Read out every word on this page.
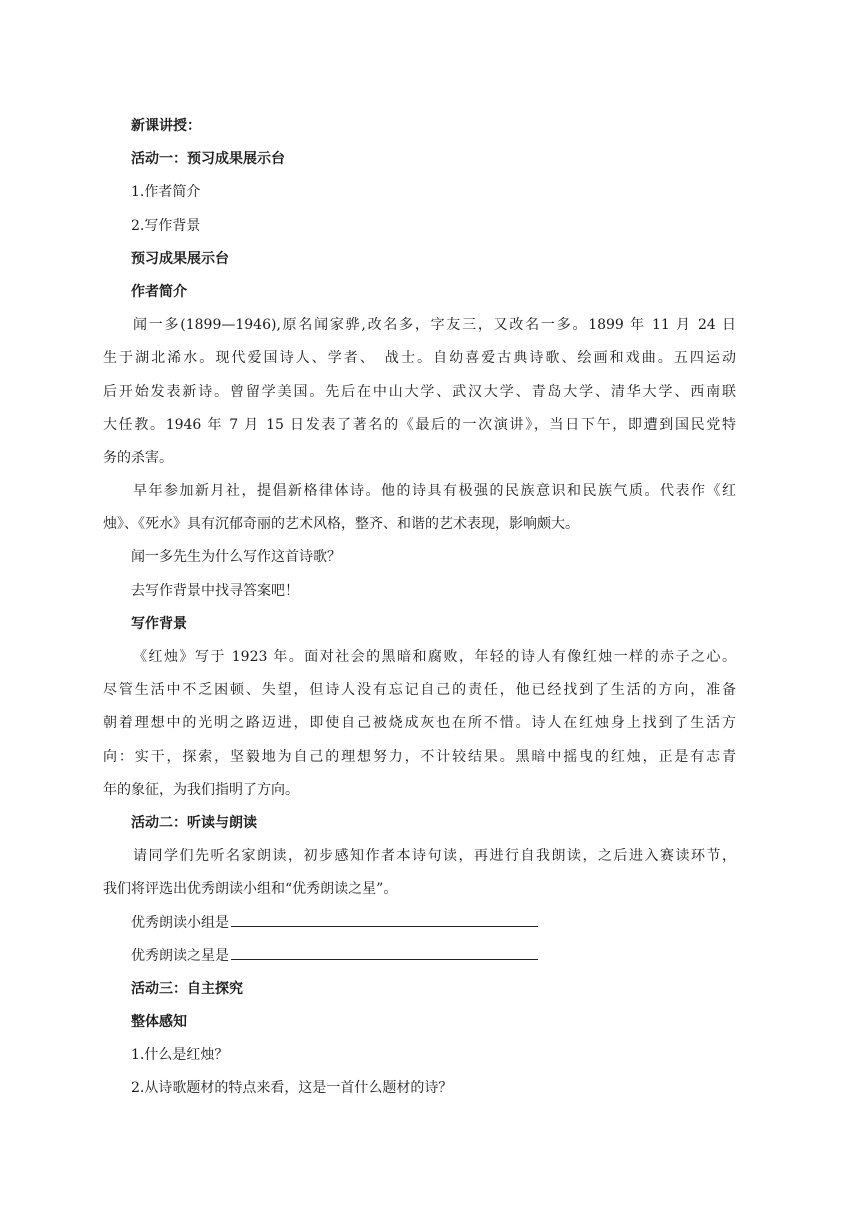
新课讲授：
活动一：预习成果展示台
1.作者简介
2.写作背景
预习成果展示台
作者简介

闻一多(1899—1946),原名闻家骅,改名多，字友三，又改名一多。1899 年 11 月 24 日

生于湖北浠水。现代爱国诗人、学者、　战士。自幼喜爱古典诗歌、绘画和戏曲。五四运动

后开始发表新诗。曾留学美国。先后在中山大学、武汉大学、青岛大学、清华大学、西南联

大任教。1946 年 7 月 15 日发表了著名的《最后的一次演讲》，当日下午，即遭到国民党特

务的杀害。

早年参加新月社，提倡新格律体诗。他的诗具有极强的民族意识和民族气质。代表作《红

烛》、《死水》具有沉郁奇丽的艺术风格，整齐、和谐的艺术表现，影响颇大。

闻一多先生为什么写作这首诗歌？
去写作背景中找寻答案吧！
写作背景

《红烛》写于 1923 年。面对社会的黑暗和腐败，年轻的诗人有像红烛一样的赤子之心。

尽管生活中不乏困顿、失望，但诗人没有忘记自己的责任，他已经找到了生活的方向，准备

朝着理想中的光明之路迈进，即使自己被烧成灰也在所不惜。诗人在红烛身上找到了生活方

向：实干，探索，坚毅地为自己的理想努力，不计较结果。黑暗中摇曳的红烛，正是有志青

年的象征，为我们指明了方向。

活动二：听读与朗读

请同学们先听名家朗读，初步感知作者本诗句读，再进行自我朗读，之后进入赛读环节，

我们将评选出优秀朗读小组和“优秀朗读之星”。

优秀朗读小组是
优秀朗读之星是
活动三：自主探究
整体感知
1.什么是红烛？
2.从诗歌题材的特点来看，这是一首什么题材的诗？
